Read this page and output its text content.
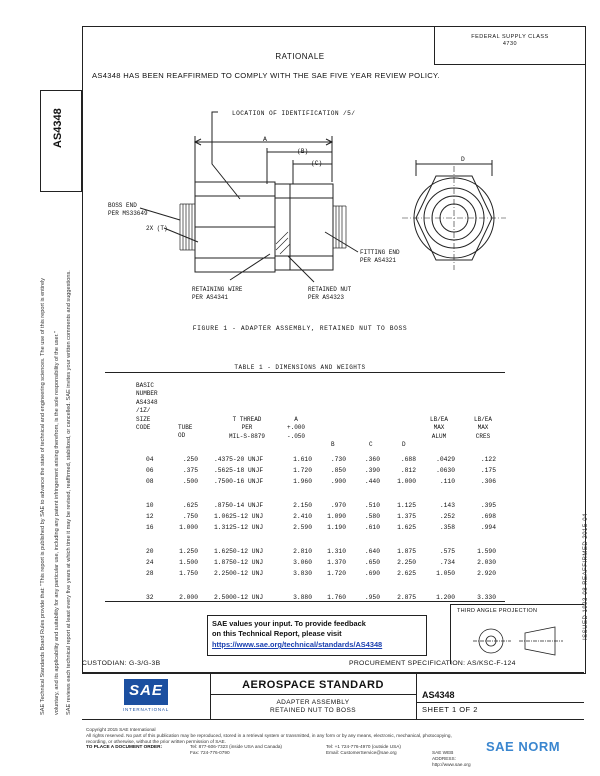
AS4348
SAE Technical Standards Board Rules provide that: "This report is published by SAE to advance the state of technical and engineering sciences. The use of this report is entirely voluntary, and its applicability and suitability for any particular use, including any patent infringement arising therefrom, is the sole responsibility of the user." SAE reviews each technical report at least every five years at which time it may be revised, reaffirmed, stabilized, or cancelled. SAE invites your written comments and suggestions.
FEDERAL SUPPLY CLASS
4730
RATIONALE
AS4348 HAS BEEN REAFFIRMED TO COMPLY WITH THE SAE FIVE YEAR REVIEW POLICY.
LOCATION OF IDENTIFICATION /5/
A
(B)
(C)
D
BOSS END
PER MS33649
2X (T)
FITTING END
PER AS4321
RETAINING WIRE
PER AS4341
RETAINED NUT
PER AS4323
FIGURE 1 - ADAPTER ASSEMBLY, RETAINED NUT TO BOSS
TABLE 1 - DIMENSIONS AND WEIGHTS
BASIC
NUMBER
AS4348
/1Z/
SIZE
CODE	TUBE
OD
T THREAD
PER
MIL-S-8879
A
+.000
-.050
B	C	D
LB/EA
MAX
ALUM
LB/EA
MAX
CRES
04	.250	.4375-20 UNJF	1.610	.730	.360	.688	.0429	.122
06	.375	.5625-18 UNJF	1.720	.850	.390	.812	.0630	.175
08	.500	.7500-16 UNJF	1.960	.900	.440	1.000	.110	.306
10	.625	.8750-14 UNJF	2.150	.970	.510	1.125	.143	.395
12	.750	1.0625-12 UNJ	2.410 1.090	.580	1.375	.252	.698
16	1.000	1.3125-12 UNJ	2.590 1.190	.610	1.625	.358	.994
20	1.250	1.6250-12 UNJ	2.810 1.310	.640	1.875	.575	1.590
24	1.500	1.8750-12 UNJ	3.060 1.370	.650	2.250	.734	2.030
28	1.750	2.2500-12 UNJ	3.830 1.720	.690	2.625	1.050	2.920
32	2.000	2.5000-12 UNJ	3.880 1.760	.950	2.875	1.200	3.330
SAE values your input. To provide feedback
on this Technical Report, please visit
https://www.sae.org/technical/standards/AS4348
THIRD ANGLE PROJECTION
CUSTODIAN: G-3/G-3B	PROCUREMENT SPECIFICATION: AS/KSC-F-124
SAE
INTERNATIONAL
AEROSPACE STANDARD
ADAPTER ASSEMBLY
RETAINED NUT TO BOSS
AS4348
SHEET 1 OF 2
ISSUED 1993-08 REAFFIRMED 2015-04
Copyright 2015 SAE International
All rights reserved. No part of this publication may be reproduced, stored in a retrieval system or transmitted, in any form or by any means, electronic, mechanical, photocopying,
recording, or otherwise, without the prior written permission of SAE.
TO PLACE A DOCUMENT ORDER:	Tel: 877-606-7323 (inside USA and Canada)	Tel: +1 724-776-4970 (outside USA)
Fax: 724-776-0790	Email: CustomerService@sae.org	SAE WEB ADDRESS: http://www.sae.org
SAE NORM
